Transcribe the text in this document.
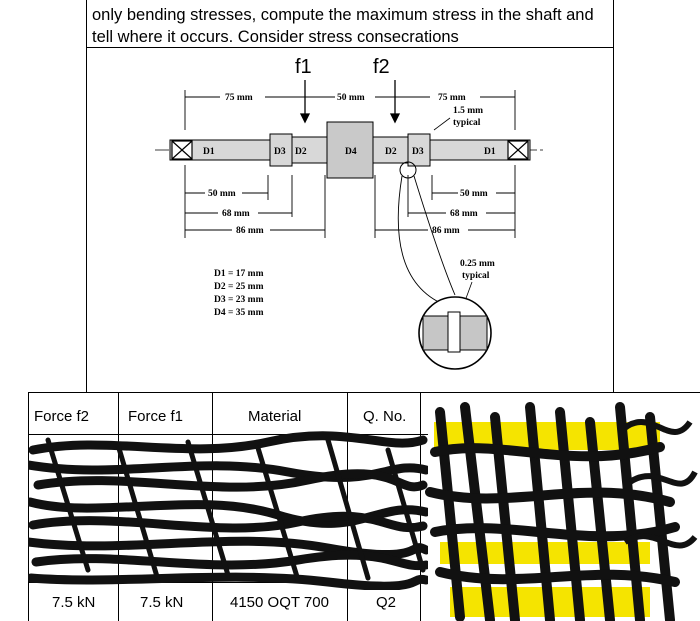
only bending stresses, compute the maximum stress in the shaft and
tell where it occurs. Consider stress consecrations
f1	f2
75 mm	50 mm	75 mm
1.5 mm
typical
D1	D3 D2	D4	D2 D3	D1
50 mm
68 mm
86 mm
50 mm
68 mm
86 mm
0.25 mm
typical
D1 = 17 mm
D2 = 25 mm
D3 = 23 mm
D4 = 35 mm
Force f2	Force f1	Material	Q. No.
7.5 kN	7.5 kN	4150 OQT 700	Q2
